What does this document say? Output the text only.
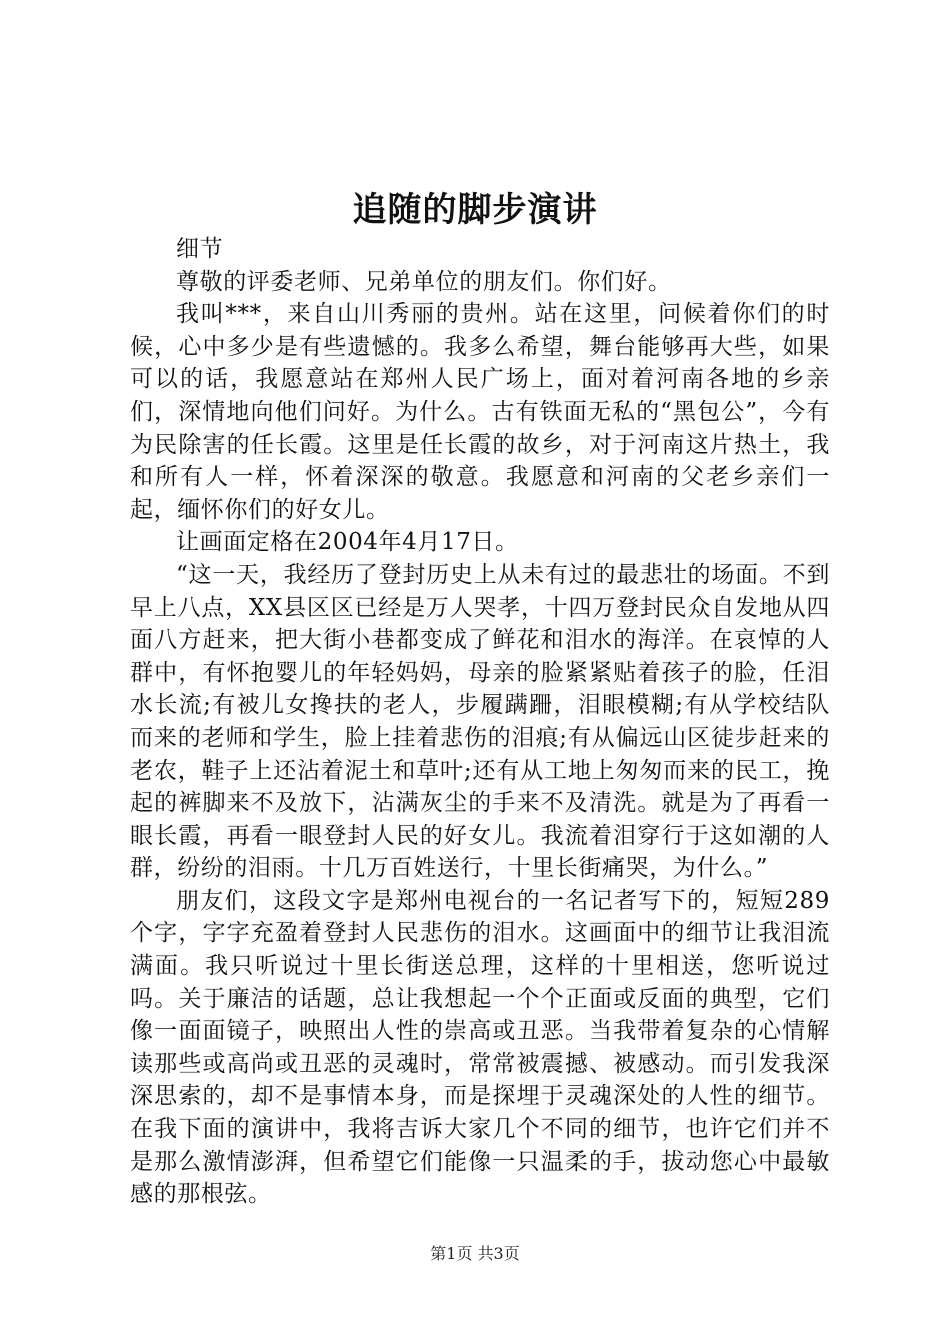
追随的脚步演讲

细节

尊敬的评委老师、兄弟单位的朋友们。你们好。

我叫***，来自山川秀丽的贵州。站在这里，问候着你们的时候，心中多少是有些遗憾的。我多么希望，舞台能够再大些，如果可以的话，我愿意站在郑州人民广场上，面对着河南各地的乡亲们，深情地向他们问好。为什么。古有铁面无私的“黑包公”，今有为民除害的任长霞。这里是任长霞的故乡，对于河南这片热土，我和所有人一样，怀着深深的敬意。我愿意和河南的父老乡亲们一起，缅怀你们的好女儿。

让画面定格在2004年4月17日。

“这一天，我经历了登封历史上从未有过的最悲壮的场面。不到早上八点，XX县区区已经是万人哭孝，十四万登封民众自发地从四面八方赶来，把大街小巷都变成了鲜花和泪水的海洋。在哀悼的人群中，有怀抱婴儿的年轻妈妈，母亲的脸紧紧贴着孩子的脸，任泪水长流;有被儿女搀扶的老人，步履蹒跚，泪眼模糊;有从学校结队而来的老师和学生，脸上挂着悲伤的泪痕;有从偏远山区徒步赶来的老农，鞋子上还沾着泥土和草叶;还有从工地上匆匆而来的民工，挽起的裤脚来不及放下，沾满灰尘的手来不及清洗。就是为了再看一眼长霞，再看一眼登封人民的好女儿。我流着泪穿行于这如潮的人群，纷纷的泪雨。十几万百姓送行，十里长街痛哭，为什么。”

朋友们，这段文字是郑州电视台的一名记者写下的，短短289个字，字字充盈着登封人民悲伤的泪水。这画面中的细节让我泪流满面。我只听说过十里长街送总理，这样的十里相送，您听说过吗。关于廉洁的话题，总让我想起一个个正面或反面的典型，它们像一面面镜子，映照出人性的崇高或丑恶。当我带着复杂的心情解读那些或高尚或丑恶的灵魂时，常常被震撼、被感动。而引发我深深思索的，却不是事情本身，而是探埋于灵魂深处的人性的细节。在我下面的演讲中，我将吉诉大家几个不同的细节，也许它们并不是那么激情澎湃，但希望它们能像一只温柔的手，拔动您心中最敏感的那根弦。

第1页 共3页
